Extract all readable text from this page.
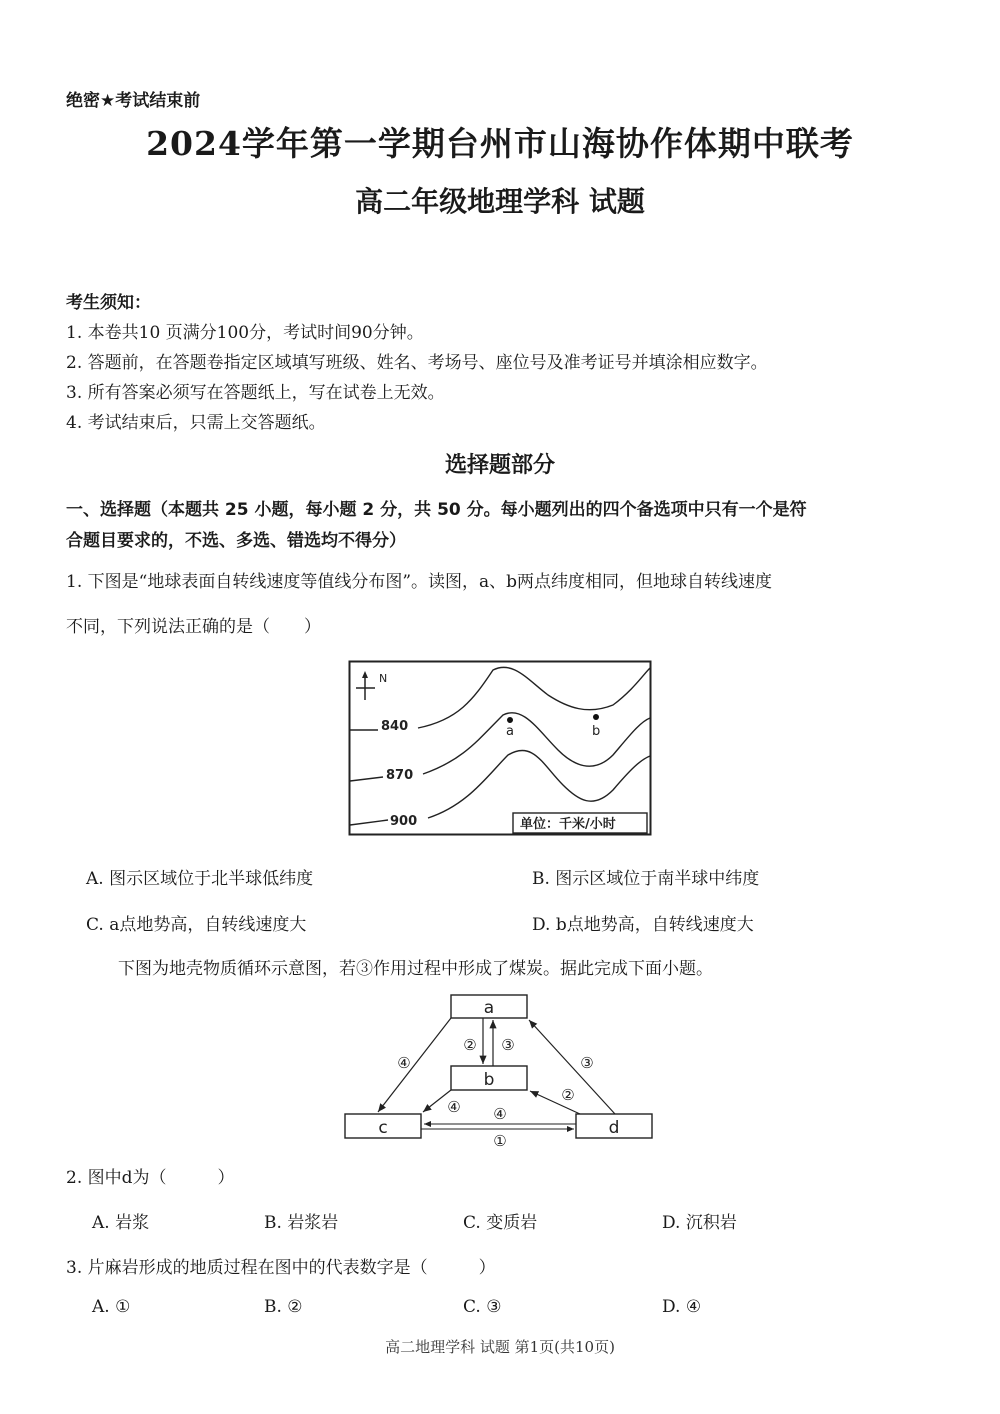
绝密★考试结束前
2024学年第一学期台州市山海协作体期中联考
高二年级地理学科 试题
考生须知：
1. 本卷共10 页满分100分，考试时间90分钟。
2. 答题前，在答题卷指定区域填写班级、姓名、考场号、座位号及准考证号并填涂相应数字。
3. 所有答案必须写在答题纸上，写在试卷上无效。
4. 考试结束后，只需上交答题纸。
选择题部分
一、选择题（本题共 25 小题，每小题 2 分，共 50 分。每小题列出的四个备选项中只有一个是符
合题目要求的，不选、多选、错选均不得分）
1. 下图是“地球表面自转线速度等值线分布图”。读图，a、b两点纬度相同，但地球自转线速度
不同，下列说法正确的是（　　）
N
840
870
900
a	b
单位：千米/小时
A. 图示区域位于北半球低纬度	B. 图示区域位于南半球中纬度
C. a点地势高，自转线速度大	D. b点地势高，自转线速度大
下图为地壳物质循环示意图，若③作用过程中形成了煤炭。据此完成下面小题。
a
b
c	d
④
② ③
③
②
④ ④
①
2. 图中d为（　　　）
A. 岩浆	B. 岩浆岩	C. 变质岩	D. 沉积岩
3. 片麻岩形成的地质过程在图中的代表数字是（　　　）
A. ①	B. ②	C. ③	D. ④
高二地理学科 试题 第1页(共10页)
